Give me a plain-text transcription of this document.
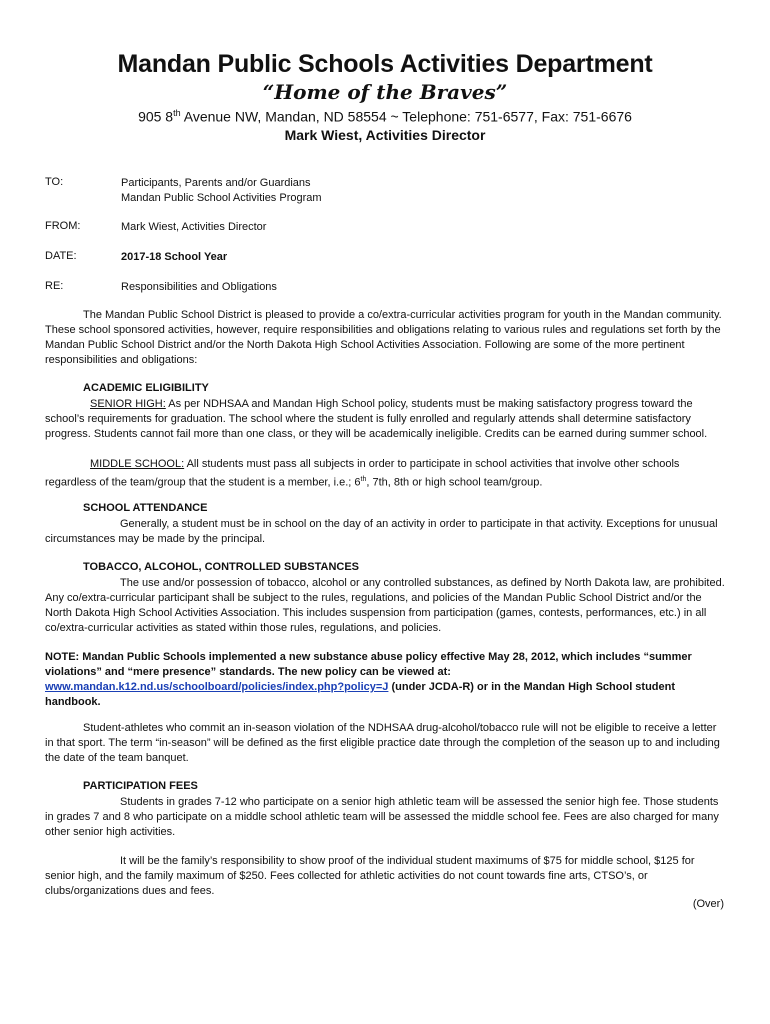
Mandan Public Schools Activities Department
“Home of the Braves”
905 8th Avenue NW, Mandan, ND 58554 ~ Telephone: 751-6577, Fax: 751-6676
Mark Wiest, Activities Director
TO:	Participants, Parents and/or Guardians
Mandan Public School Activities Program
FROM:	Mark Wiest, Activities Director
DATE:	2017-18 School Year
RE:	Responsibilities and Obligations
The Mandan Public School District is pleased to provide a co/extra-curricular activities program for youth in the Mandan community. These school sponsored activities, however, require responsibilities and obligations relating to various rules and regulations set forth by the Mandan Public School District and/or the North Dakota High School Activities Association. Following are some of the more pertinent responsibilities and obligations:
ACADEMIC ELIGIBILITY
SENIOR HIGH: As per NDHSAA and Mandan High School policy, students must be making satisfactory progress toward the school’s requirements for graduation. The school where the student is fully enrolled and regularly attends shall determine satisfactory progress. Students cannot fail more than one class, or they will be academically ineligible. Credits can be earned during summer school.
MIDDLE SCHOOL: All students must pass all subjects in order to participate in school activities that involve other schools regardless of the team/group that the student is a member, i.e.; 6th, 7th, 8th or high school team/group.
SCHOOL ATTENDANCE
Generally, a student must be in school on the day of an activity in order to participate in that activity. Exceptions for unusual circumstances may be made by the principal.
TOBACCO, ALCOHOL, CONTROLLED SUBSTANCES
The use and/or possession of tobacco, alcohol or any controlled substances, as defined by North Dakota law, are prohibited. Any co/extra-curricular participant shall be subject to the rules, regulations, and policies of the Mandan Public School District and/or the North Dakota High School Activities Association. This includes suspension from participation (games, contests, performances, etc.) in all co/extra-curricular activities as stated within those rules, regulations, and policies.
NOTE: Mandan Public Schools implemented a new substance abuse policy effective May 28, 2012, which includes “summer violations” and “mere presence” standards. The new policy can be viewed at:
www.mandan.k12.nd.us/schoolboard/policies/index.php?policy=J (under JCDA-R) or in the Mandan High School student handbook.
Student-athletes who commit an in-season violation of the NDHSAA drug-alcohol/tobacco rule will not be eligible to receive a letter in that sport. The term “in-season” will be defined as the first eligible practice date through the completion of the season up to and including the date of the team banquet.
PARTICIPATION FEES
Students in grades 7-12 who participate on a senior high athletic team will be assessed the senior high fee. Those students in grades 7 and 8 who participate on a middle school athletic team will be assessed the middle school fee. Fees are also charged for many other senior high activities.
It will be the family’s responsibility to show proof of the individual student maximums of $75 for middle school, $125 for senior high, and the family maximum of $250. Fees collected for athletic activities do not count towards fine arts, CTSO’s, or clubs/organizations dues and fees.
(Over)
